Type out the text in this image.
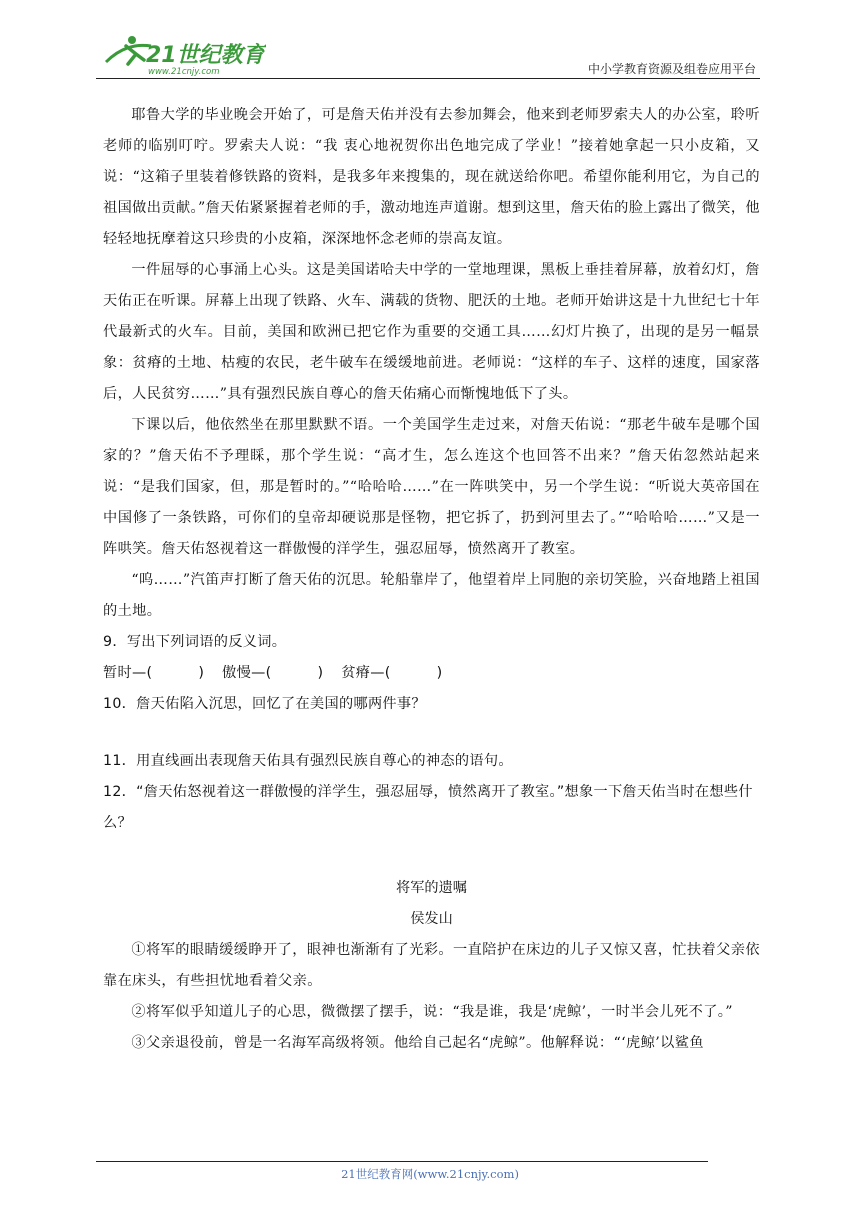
21世纪教育
www.21cnjy.com	中小学教育资源及组卷应用平台

耶鲁大学的毕业晚会开始了，可是詹天佑并没有去参加舞会，他来到老师罗索夫人的办公室，聆听老师的临别叮咛。罗索夫人说：“我 衷心地祝贺你出色地完成了学业！”接着她拿起一只小皮箱，又说：“这箱子里装着修铁路的资料，是我多年来搜集的，现在就送给你吧。希望你能利用它，为自己的祖国做出贡献。”詹天佑紧紧握着老师的手，激动地连声道谢。想到这里，詹天佑的脸上露出了微笑，他轻轻地抚摩着这只珍贵的小皮箱，深深地怀念老师的崇高友谊。

一件屈辱的心事涌上心头。这是美国诺哈夫中学的一堂地理课，黑板上垂挂着屏幕，放着幻灯，詹天佑正在听课。屏幕上出现了铁路、火车、满载的货物、肥沃的土地。老师开始讲这是十九世纪七十年代最新式的火车。目前，美国和欧洲已把它作为重要的交通工具……幻灯片换了，出现的是另一幅景象：贫瘠的土地、枯瘦的农民，老牛破车在缓缓地前进。老师说：“这样的车子、这样的速度，国家落后，人民贫穷……”具有强烈民族自尊心的詹天佑痛心而惭愧地低下了头。

下课以后，他依然坐在那里默默不语。一个美国学生走过来，对詹天佑说：“那老牛破车是哪个国家的？”詹天佑不予理睬，那个学生说：“高才生，怎么连这个也回答不出来？”詹天佑忽然站起来说：“是我们国家，但，那是暂时的。”“哈哈哈……”在一阵哄笑中，另一个学生说：“听说大英帝国在中国修了一条铁路，可你们的皇帝却硬说那是怪物，把它拆了，扔到河里去了。”“哈哈哈……”又是一阵哄笑。詹天佑怒视着这一群傲慢的洋学生，强忍屈辱，愤然离开了教室。

“呜……”汽笛声打断了詹天佑的沉思。轮船靠岸了，他望着岸上同胞的亲切笑脸，兴奋地踏上祖国的土地。

9．写出下列词语的反义词。

暂时—(	) 傲慢—(	) 贫瘠—(	)

10．詹天佑陷入沉思，回忆了在美国的哪两件事？

11．用直线画出表现詹天佑具有强烈民族自尊心的神态的语句。

12．“詹天佑怒视着这一群傲慢的洋学生，强忍屈辱，愤然离开了教室。”想象一下詹天佑当时在想些什么？

将军的遗嘱

侯发山

①将军的眼睛缓缓睁开了，眼神也渐渐有了光彩。一直陪护在床边的儿子又惊又喜，忙扶着父亲依靠在床头，有些担忧地看着父亲。

②将军似乎知道儿子的心思，微微摆了摆手，说：“我是谁，我是‘虎鲸’，一时半会儿死不了。”

③父亲退役前，曾是一名海军高级将领。他给自己起名“虎鲸”。他解释说：“‘虎鲸’以鲨鱼

21世纪教育网(www.21cnjy.com)
